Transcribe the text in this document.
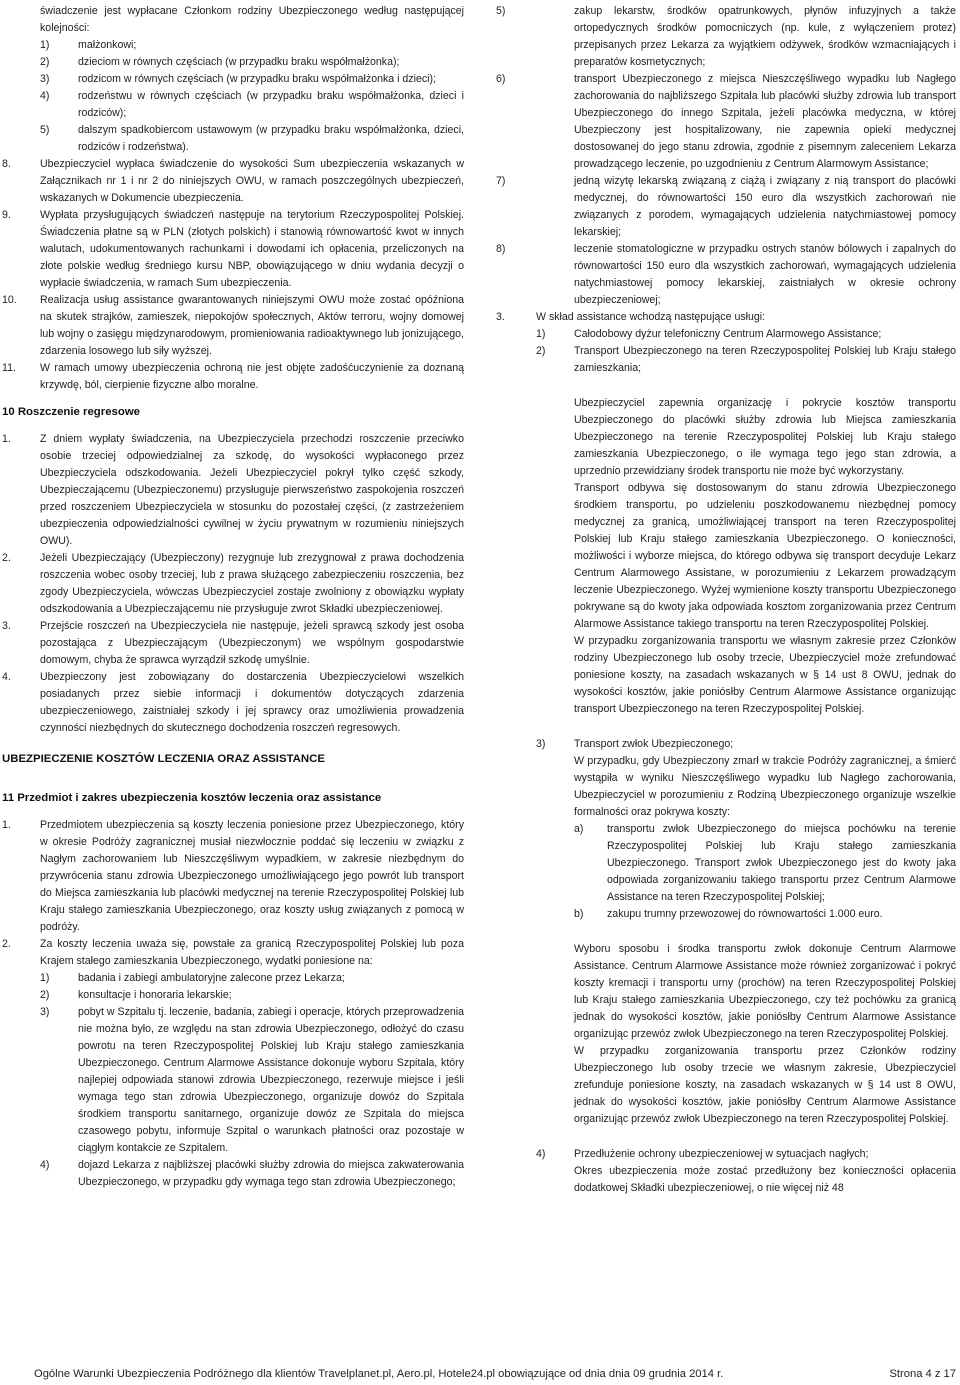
świadczenie jest wypłacane Członkom rodziny Ubezpieczonego według następującej kolejności:

1)	małżonkowi;
2)	dzieciom w równych częściach (w przypadku braku współmałżonka);
3)	rodzicom w równych częściach (w przypadku braku współmałżonka i dzieci);
4)	rodzeństwu w równych częściach (w przypadku braku współmałżonka, dzieci i rodziców);
5)	dalszym spadkobiercom ustawowym (w przypadku braku współmałżonka, dzieci, rodziców i rodzeństwa).
8.	Ubezpieczyciel wypłaca świadczenie do wysokości Sum ubezpieczenia wskazanych w Załącznikach nr 1 i nr 2 do niniejszych OWU, w ramach poszczególnych ubezpieczeń, wskazanych w Dokumencie ubezpieczenia.
9.	Wypłata przysługujących świadczeń następuje na terytorium Rzeczypospolitej Polskiej. Świadczenia płatne są w PLN (złotych polskich) i stanowią równowartość kwot w innych walutach, udokumentowanych rachunkami i dowodami ich opłacenia, przeliczonych na złote polskie według średniego kursu NBP, obowiązującego w dniu wydania decyzji o wypłacie świadczenia, w ramach Sum ubezpieczenia.
10.	Realizacja usług assistance gwarantowanych niniejszymi OWU może zostać opóźniona na skutek strajków, zamieszek, niepokojów społecznych, Aktów terroru, wojny domowej lub wojny o zasięgu międzynarodowym, promieniowania radioaktywnego lub jonizującego, zdarzenia losowego lub siły wyższej.
11.	W ramach umowy ubezpieczenia ochroną nie jest objęte zadośćuczynienie za doznaną krzywdę, ból, cierpienie fizyczne albo moralne.
10 Roszczenie regresowe
1.	Z dniem wypłaty świadczenia, na Ubezpieczyciela przechodzi roszczenie przeciwko osobie trzeciej odpowiedzialnej za szkodę, do wysokości wypłaconego przez Ubezpieczyciela odszkodowania. Jeżeli Ubezpieczyciel pokrył tylko część szkody, Ubezpieczającemu (Ubezpieczonemu) przysługuje pierwszeństwo zaspokojenia roszczeń przed roszczeniem Ubezpieczyciela w stosunku do pozostałej części, (z zastrzeżeniem ubezpieczenia odpowiedzialności cywilnej w życiu prywatnym w rozumieniu niniejszych OWU).
2.	Jeżeli Ubezpieczający (Ubezpieczony) rezygnuje lub zrezygnował z prawa dochodzenia roszczenia wobec osoby trzeciej, lub z prawa służącego zabezpieczeniu roszczenia, bez zgody Ubezpieczyciela, wówczas Ubezpieczyciel zostaje zwolniony z obowiązku wypłaty odszkodowania a Ubezpieczającemu nie przysługuje zwrot Składki ubezpieczeniowej.
3.	Przejście roszczeń na Ubezpieczyciela nie następuje, jeżeli sprawcą szkody jest osoba pozostająca z Ubezpieczającym (Ubezpieczonym) we wspólnym gospodarstwie domowym, chyba że sprawca wyrządził szkodę umyślnie.
4.	Ubezpieczony jest zobowiązany do dostarczenia Ubezpieczycielowi wszelkich posiadanych przez siebie informacji i dokumentów dotyczących zdarzenia ubezpieczeniowego, zaistniałej szkody i jej sprawcy oraz umożliwienia prowadzenia czynności niezbędnych do skutecznego dochodzenia roszczeń regresowych.
UBEZPIECZENIE KOSZTÓW LECZENIA ORAZ ASSISTANCE
11 Przedmiot i zakres ubezpieczenia kosztów leczenia oraz assistance
1.	Przedmiotem ubezpieczenia są koszty leczenia poniesione przez Ubezpieczonego, który w okresie Podróży zagranicznej musiał niezwłocznie poddać się leczeniu w związku z Nagłym zachorowaniem lub Nieszczęśliwym wypadkiem, w zakresie niezbędnym do przywrócenia stanu zdrowia Ubezpieczonego umożliwiającego jego powrót lub transport do Miejsca zamieszkania lub placówki medycznej na terenie Rzeczypospolitej Polskiej lub Kraju stałego zamieszkania Ubezpieczonego, oraz koszty usług związanych z pomocą w podróży.
2.	Za koszty leczenia uważa się, powstałe za granicą Rzeczypospolitej Polskiej lub poza Krajem stałego zamieszkania Ubezpieczonego, wydatki poniesione na:
1)	badania i zabiegi ambulatoryjne zalecone przez Lekarza;
2)	konsultacje i honoraria lekarskie;
3)	pobyt w Szpitalu tj. leczenie, badania, zabiegi i operacje, których przeprowadzenia nie można było, ze względu na stan zdrowia Ubezpieczonego, odłożyć do czasu powrotu na teren Rzeczypospolitej Polskiej lub Kraju stałego zamieszkania Ubezpieczonego. Centrum Alarmowe Assistance dokonuje wyboru Szpitala, który najlepiej odpowiada stanowi zdrowia Ubezpieczonego, rezerwuje miejsce i jeśli wymaga tego stan zdrowia Ubezpieczonego, organizuje dowóz do Szpitala środkiem transportu sanitarnego, organizuje dowóz ze Szpitala do miejsca czasowego pobytu, informuje Szpital o warunkach płatności oraz pozostaje w ciągłym kontakcie ze Szpitalem.
4)	dojazd Lekarza z najbliższej placówki służby zdrowia do miejsca zakwaterowania Ubezpieczonego, w przypadku gdy wymaga tego stan zdrowia Ubezpieczonego;
5)	zakup lekarstw, środków opatrunkowych, płynów infuzyjnych a także ortopedycznych środków pomocniczych (np. kule, z wyłączeniem protez) przepisanych przez Lekarza za wyjątkiem odżywek, środków wzmacniających i preparatów kosmetycznych;
6)	transport Ubezpieczonego z miejsca Nieszczęśliwego wypadku lub Nagłego zachorowania do najbliższego Szpitala lub placówki służby zdrowia lub transport Ubezpieczonego do innego Szpitala, jeżeli placówka medyczna, w której Ubezpieczony jest hospitalizowany, nie zapewnia opieki medycznej dostosowanej do jego stanu zdrowia, zgodnie z pisemnym zaleceniem Lekarza prowadzącego leczenie, po uzgodnieniu z Centrum Alarmowym Assistance;
7)	jedną wizytę lekarską związaną z ciążą i związany z nią transport do placówki medycznej, do równowartości 150 euro dla wszystkich zachorowań nie związanych z porodem, wymagających udzielenia natychmiastowej pomocy lekarskiej;
8)	leczenie stomatologiczne w przypadku ostrych stanów bólowych i zapalnych do równowartości 150 euro dla wszystkich zachorowań, wymagających udzielenia natychmiastowej pomocy lekarskiej, zaistniałych w okresie ochrony ubezpieczeniowej;
3.	W skład assistance wchodzą następujące usługi:
1)	Całodobowy dyżur telefoniczny Centrum Alarmowego Assistance;
2)	Transport Ubezpieczonego na teren Rzeczypospolitej Polskiej lub Kraju stałego zamieszkania;

Ubezpieczyciel zapewnia organizację i pokrycie kosztów transportu Ubezpieczonego do placówki służby zdrowia lub Miejsca zamieszkania Ubezpieczonego na terenie Rzeczypospolitej Polskiej lub Kraju stałego zamieszkania Ubezpieczonego, o ile wymaga tego jego stan zdrowia, a uprzednio przewidziany środek transportu nie może być wykorzystany.

Transport odbywa się dostosowanym do stanu zdrowia Ubezpieczonego środkiem transportu, po udzieleniu poszkodowanemu niezbędnej pomocy medycznej za granicą, umożliwiającej transport na teren Rzeczypospolitej Polskiej lub Kraju stałego zamieszkania Ubezpieczonego. O konieczności, możliwości i wyborze miejsca, do którego odbywa się transport decyduje Lekarz Centrum Alarmowego Assistane, w porozumieniu z Lekarzem prowadzącym leczenie Ubezpieczonego. Wyżej wymienione koszty transportu Ubezpieczonego pokrywane są do kwoty jaka odpowiada kosztom zorganizowania przez Centrum Alarmowe Assistance takiego transportu na teren Rzeczypospolitej Polskiej.

W przypadku zorganizowania transportu we własnym zakresie przez Członków rodziny Ubezpieczonego lub osoby trzecie, Ubezpieczyciel może zrefundować poniesione koszty, na zasadach wskazanych w § 14 ust 8 OWU, jednak do wysokości kosztów, jakie poniósłby Centrum Alarmowe Assistance organizując transport Ubezpieczonego na teren Rzeczypospolitej Polskiej.

3)	Transport zwłok Ubezpieczonego;

W przypadku, gdy Ubezpieczony zmarł w trakcie Podróży zagranicznej, a śmierć wystąpiła w wyniku Nieszczęśliwego wypadku lub Nagłego zachorowania, Ubezpieczyciel w porozumieniu z Rodziną Ubezpieczonego organizuje wszelkie formalności oraz pokrywa koszty:

a)	transportu zwłok Ubezpieczonego do miejsca pochówku na terenie Rzeczypospolitej Polskiej lub Kraju stałego zamieszkania Ubezpieczonego. Transport zwłok Ubezpieczonego jest do kwoty jaka odpowiada zorganizowaniu takiego transportu przez Centrum Alarmowe Assistance na teren Rzeczypospolitej Polskiej;
b)	zakupu trumny przewozowej do równowartości 1.000 euro.

Wyboru sposobu i środka transportu zwłok dokonuje Centrum Alarmowe Assistance. Centrum Alarmowe Assistance może również zorganizować i pokryć koszty kremacji i transportu urny (prochów) na teren Rzeczypospolitej Polskiej lub Kraju stałego zamieszkania Ubezpieczonego, czy też pochówku za granicą jednak do wysokości kosztów, jakie poniósłby Centrum Alarmowe Assistance organizując przewóz zwłok Ubezpieczonego na teren Rzeczypospolitej Polskiej.

W przypadku zorganizowania transportu przez Członków rodziny Ubezpieczonego lub osoby trzecie we własnym zakresie, Ubezpieczyciel zrefunduje poniesione koszty, na zasadach wskazanych w § 14 ust 8 OWU, jednak do wysokości kosztów, jakie poniósłby Centrum Alarmowe Assistance organizując przewóz zwłok Ubezpieczonego na teren Rzeczypospolitej Polskiej.

4)	Przedłużenie ochrony ubezpieczeniowej w sytuacjach nagłych;

Okres ubezpieczenia może zostać przedłużony bez konieczności opłacenia dodatkowej Składki ubezpieczeniowej, o nie więcej niż 48

Ogólne Warunki Ubezpieczenia Podróżnego dla klientów Travelplanet.pl, Aero.pl, Hotele24.pl obowiązujące od dnia dnia 09 grudnia 2014 r.	Strona 4 z 17
